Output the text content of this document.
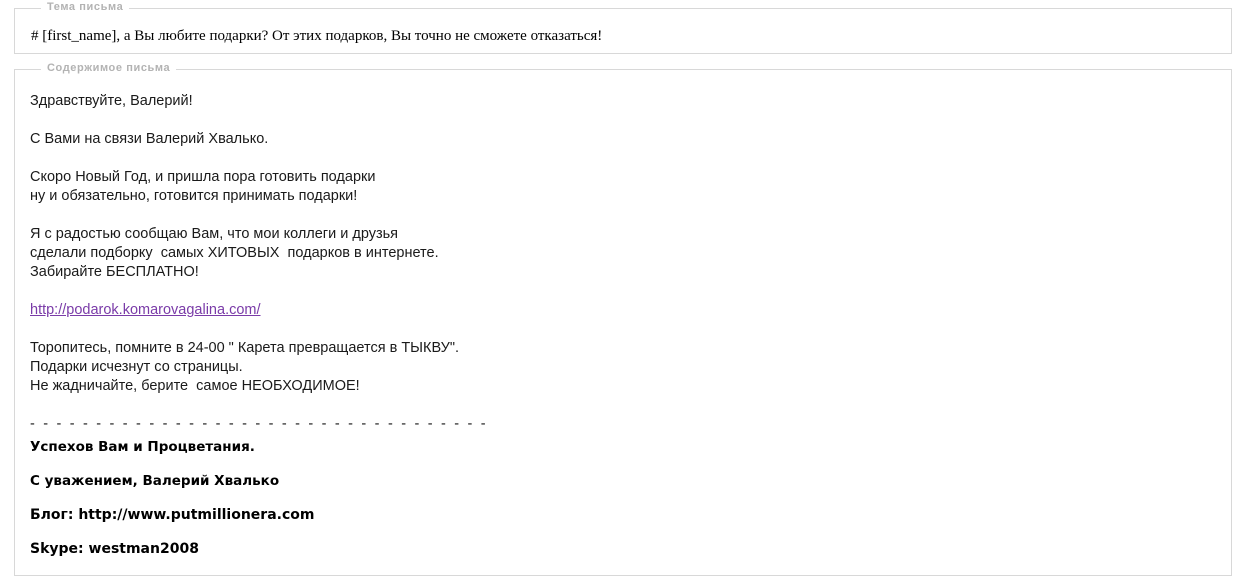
Тема письма
# [first_name], а Вы любите подарки? От этих подарков, Вы точно не сможете отказаться!
Содержимое письма

Здравствуйте, Валерий!

С Вами на связи Валерий Хвалько.

Скоро Новый Год, и пришла пора готовить подарки
ну и обязательно, готовится принимать подарки!

Я с радостью сообщаю Вам, что мои коллеги и друзья
сделали подборку  самых ХИТОВЫХ  подарков в интернете.
Забирайте БЕСПЛАТНО!

http://podarok.komarovagalina.com/

Торопитесь, помните в 24-00 " Карета превращается в ТЫКВУ".
Подарки исчезнут со страницы.
Не жадничайте, берите  самое НЕОБХОДИМОЕ!

- - - - - - - - - - - - - - - - - - - - - - - - - - - - - - - - - - -

Успехов Вам и Процветания.

С уважением, Валерий Хвалько

Блог: http://www.putmillionera.com

Skype: westman2008
